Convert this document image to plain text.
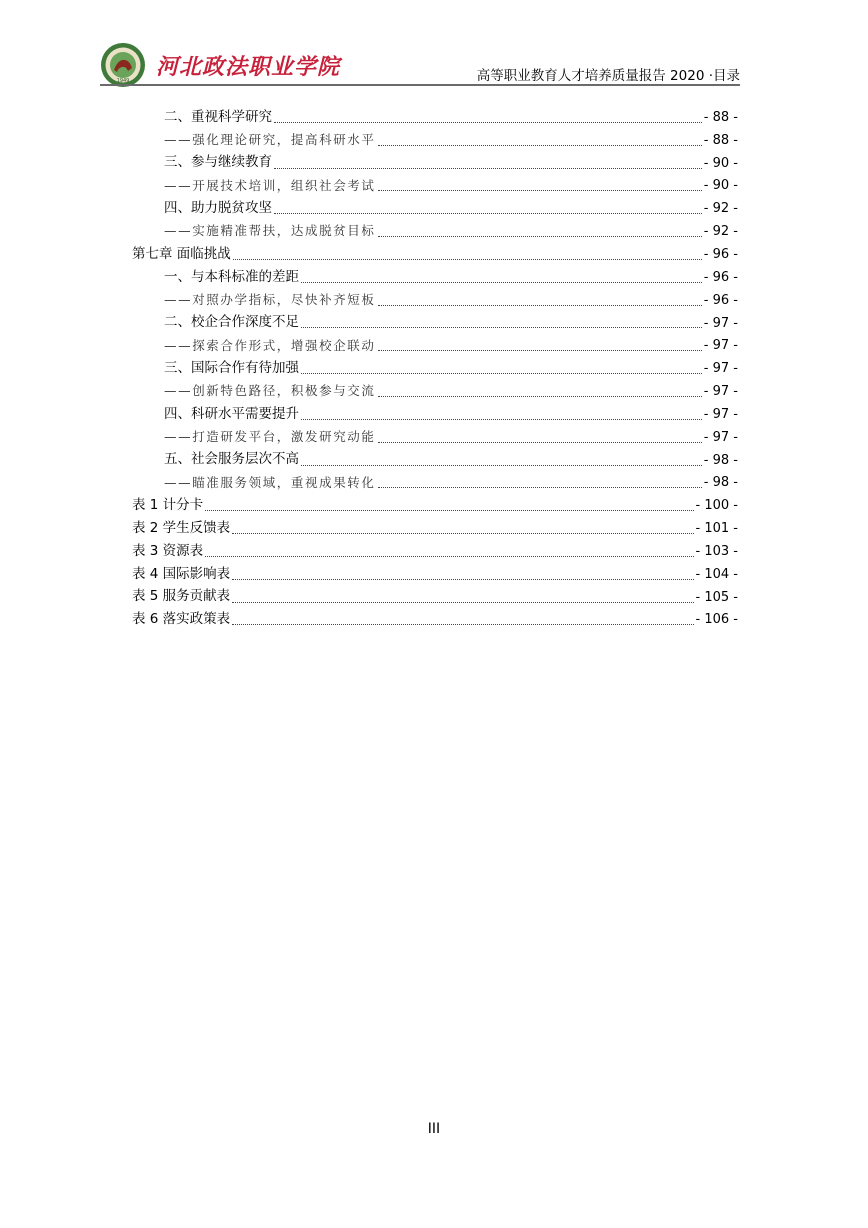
1949
河北政法职业学院	高等职业教育人才培养质量报告 2020 ·目录
二、重视科学研究	- 88 -
——强化理论研究，提高科研水平	- 88 -
三、参与继续教育	- 90 -
——开展技术培训，组织社会考试	- 90 -
四、助力脱贫攻坚	- 92 -
——实施精准帮扶，达成脱贫目标	- 92 -
第七章 面临挑战	- 96 -
一、与本科标准的差距	- 96 -
——对照办学指标，尽快补齐短板	- 96 -
二、校企合作深度不足	- 97 -
——探索合作形式，增强校企联动	- 97 -
三、国际合作有待加强	- 97 -
——创新特色路径，积极参与交流	- 97 -
四、科研水平需要提升	- 97 -
——打造研发平台，激发研究动能	- 97 -
五、社会服务层次不高	- 98 -
——瞄准服务领域，重视成果转化	- 98 -
表 1 计分卡	- 100 -
表 2 学生反馈表	- 101 -
表 3 资源表	- 103 -
表 4 国际影响表	- 104 -
表 5 服务贡献表	- 105 -
表 6 落实政策表	- 106 -
III
